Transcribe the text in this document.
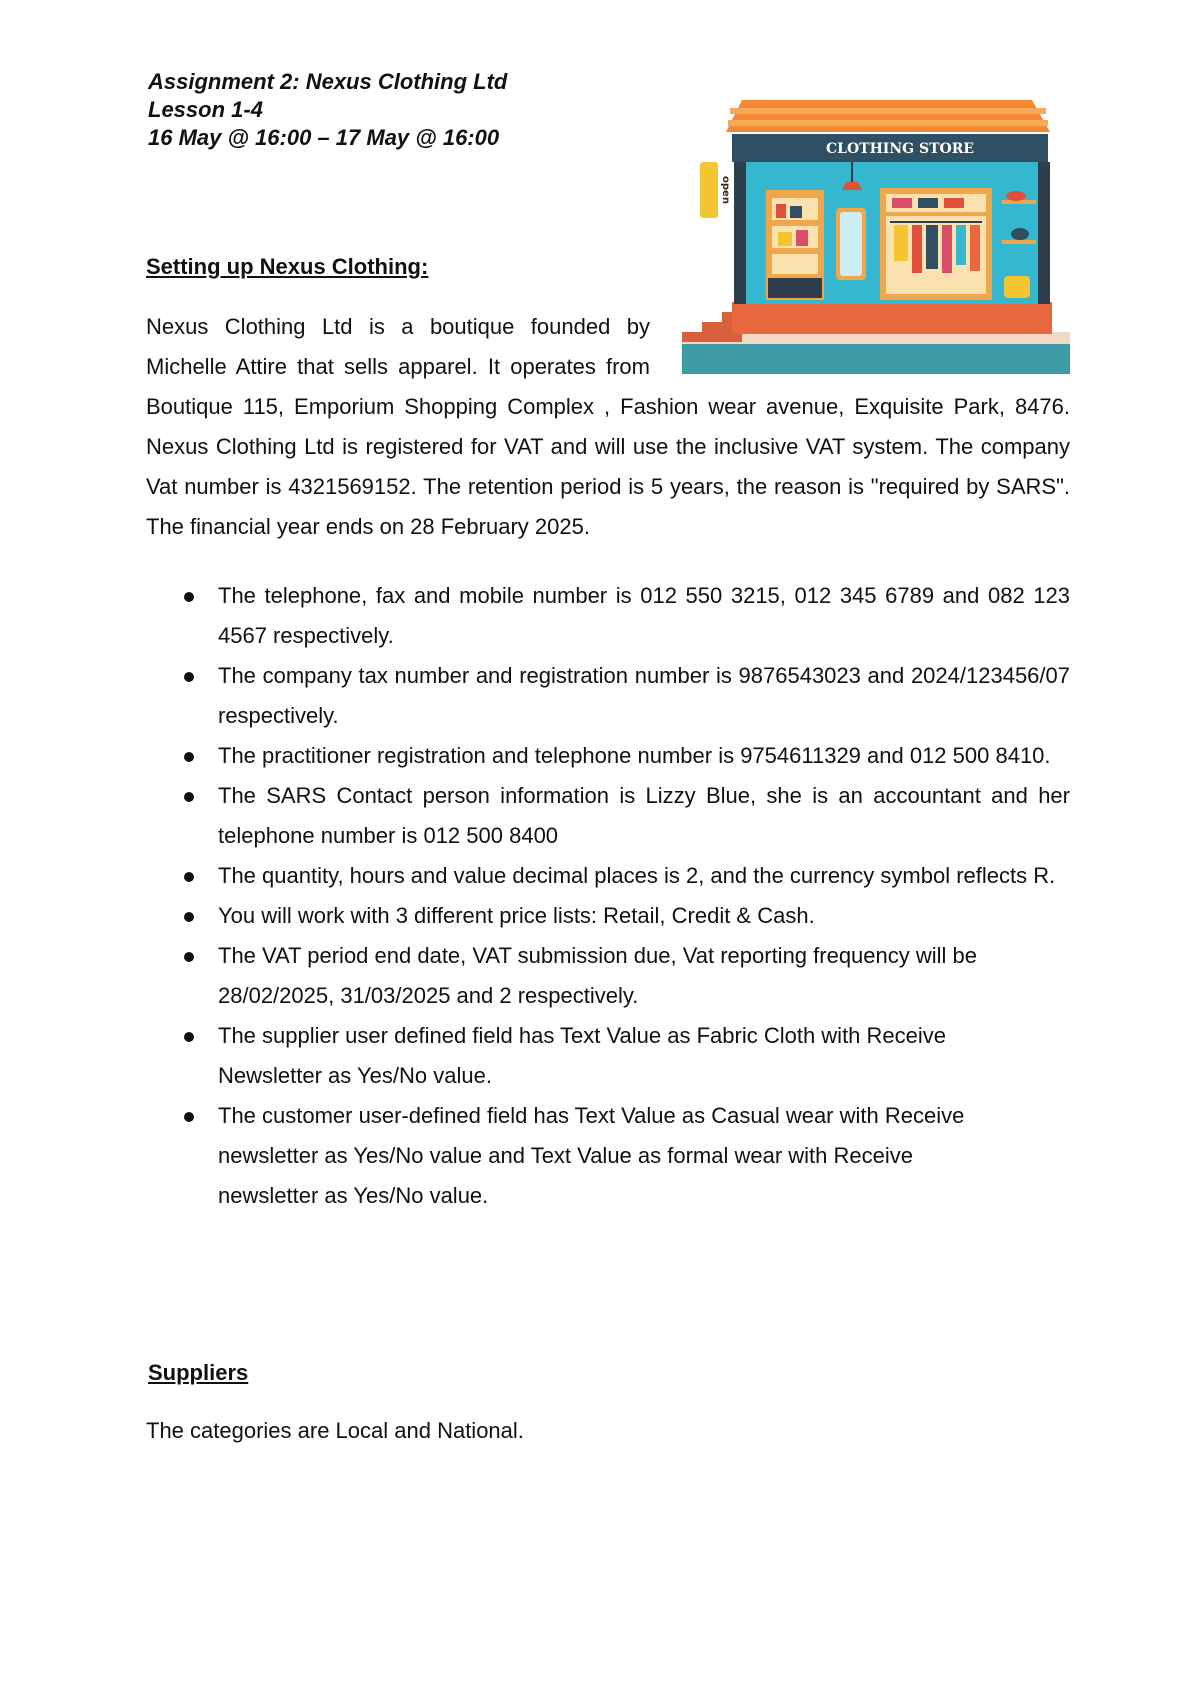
Assignment 2: Nexus Clothing Ltd
Lesson 1-4
16 May @ 16:00 – 17 May @ 16:00	CLOTHING STORE
open
Setting up Nexus Clothing:

Nexus Clothing Ltd is a boutique founded by Michelle Attire that sells apparel. It operates from Boutique 115, Emporium Shopping Complex , Fashion wear avenue, Exquisite Park, 8476. Nexus Clothing Ltd is registered for VAT and will use the inclusive VAT system. The company Vat number is 4321569152. The retention period is 5 years, the reason is "required by SARS". The financial year ends on 28 February 2025.

The telephone, fax and mobile number is 012 550 3215, 012 345 6789 and 082 123 4567 respectively.
The company tax number and registration number is 9876543023 and 2024/123456/07 respectively.
The practitioner registration and telephone number is 9754611329 and 012 500 8410.
The SARS Contact person information is Lizzy Blue, she is an accountant and her telephone number is 012 500 8400
The quantity, hours and value decimal places is 2, and the currency symbol reflects R.
You will work with 3 different price lists: Retail, Credit & Cash.
The VAT period end date, VAT submission due, Vat reporting frequency will be 28/02/2025, 31/03/2025 and 2 respectively.
The supplier user defined field has Text Value as Fabric Cloth with Receive Newsletter as Yes/No value.
The customer user-defined field has Text Value as Casual wear with Receive newsletter as Yes/No value and Text Value as formal wear with Receive newsletter as Yes/No value.
Suppliers

The categories are Local and National.
